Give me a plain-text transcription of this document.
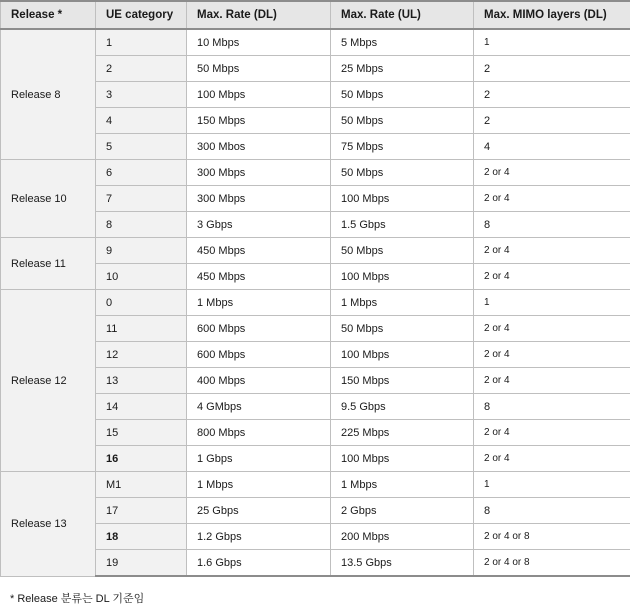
Release *	UE category	Max. Rate (DL)	Max. Rate (UL)	Max. MIMO layers (DL)
Release 8	1	10 Mbps	5 Mbps	1
	2	50 Mbps	25 Mbps	2
	3	100 Mbps	50 Mbps	2
	4	150 Mbps	50 Mbps	2
	5	300 Mbos	75 Mbps	4
Release 10	6	300 Mbps	50 Mbps	2 or 4
	7	300 Mbps	100 Mbps	2 or 4
	8	3 Gbps	1.5 Gbps	8
Release 11	9	450 Mbps	50 Mbps	2 or 4
	10	450 Mbps	100 Mbps	2 or 4
Release 12	0	1 Mbps	1 Mbps	1
	11	600 Mbps	50 Mbps	2 or 4
	12	600 Mbps	100 Mbps	2 or 4
	13	400 Mbps	150 Mbps	2 or 4
	14	4 GMbps	9.5 Gbps	8
	15	800 Mbps	225 Mbps	2 or 4
	16	1 Gbps	100 Mbps	2 or 4
Release 13	M1	1 Mbps	1 Mbps	1
	17	25 Gbps	2 Gbps	8
	18	1.2 Gbps	200 Mbps	2 or 4 or 8
	19	1.6 Gbps	13.5 Gbps	2 or 4 or 8
* Release 분류는 DL 기준임
